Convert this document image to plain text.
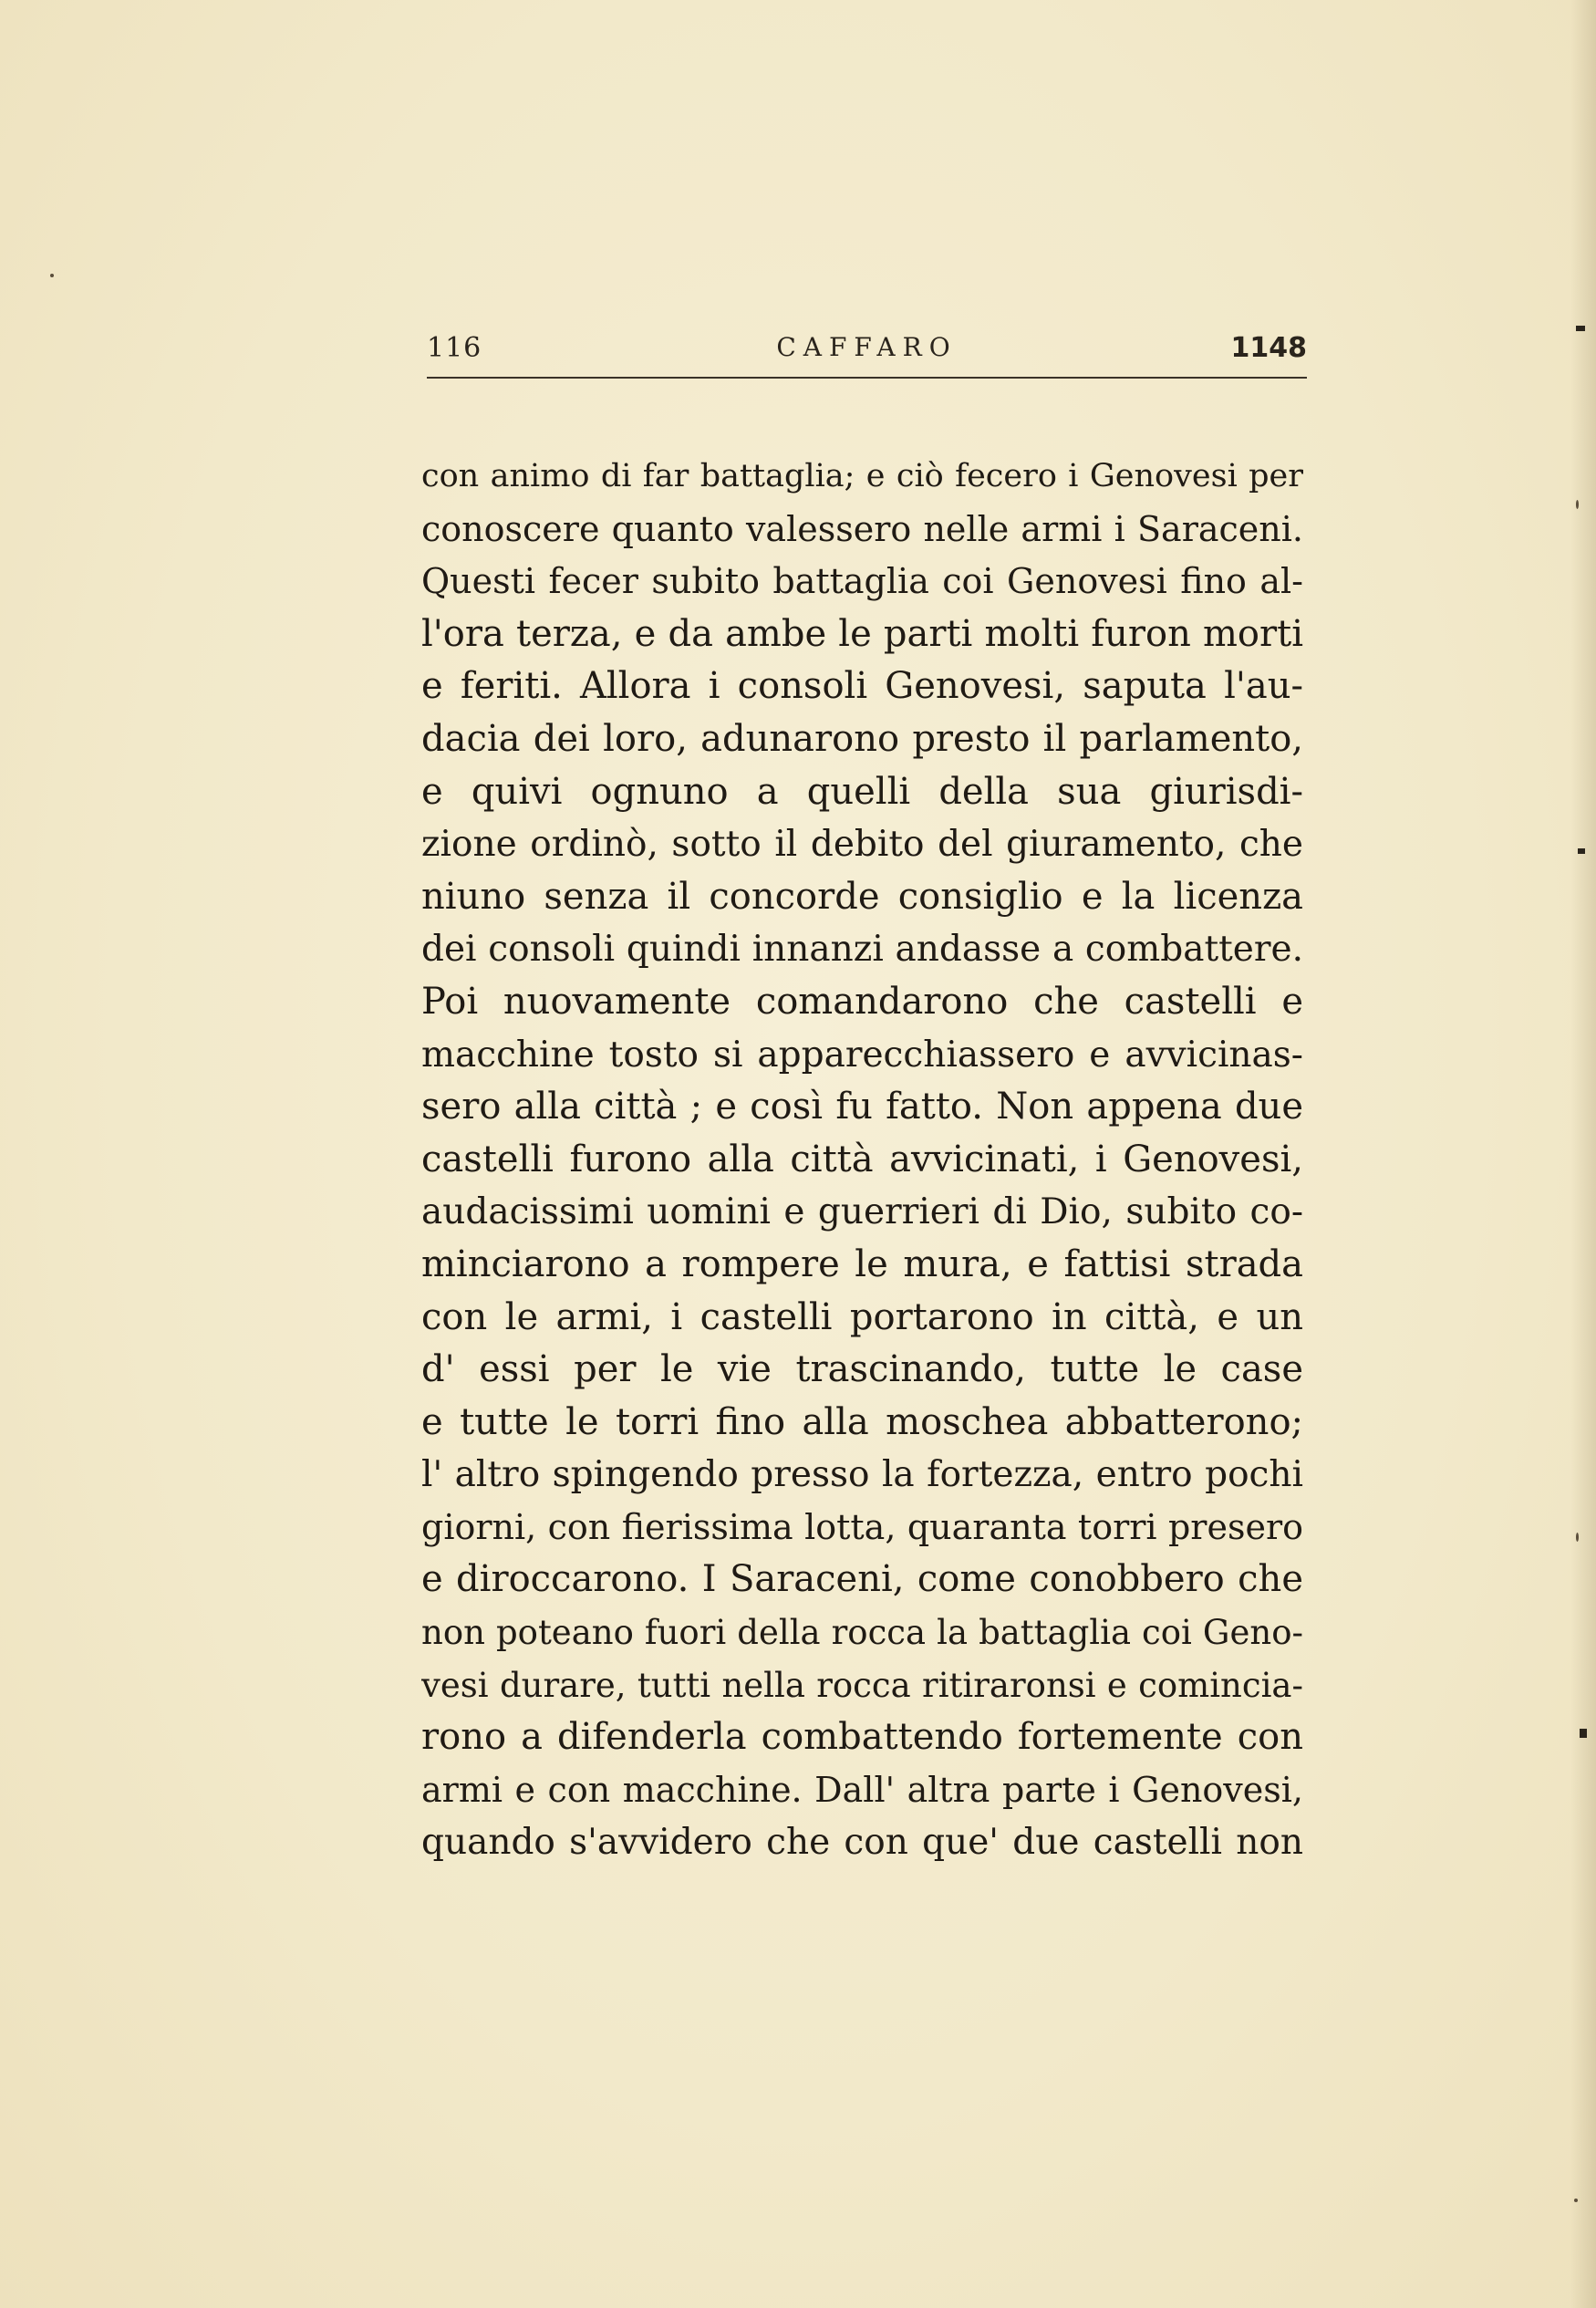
116	CAFFARO	1148
con animo di far battaglia; e ciò fecero i Genovesi per
conoscere quanto valessero nelle armi i Saraceni.
Questi fecer subito battaglia coi Genovesi fino al-
l'ora terza, e da ambe le parti molti furon morti
e feriti. Allora i consoli Genovesi, saputa l'au-
dacia dei loro, adunarono presto il parlamento,
e quivi ognuno a quelli della sua giurisdi-
zione ordinò, sotto il debito del giuramento, che
niuno senza il concorde consiglio e la licenza
dei consoli quindi innanzi andasse a combattere.
Poi nuovamente comandarono che castelli e
macchine tosto si apparecchiassero e avvicinas-
sero alla città ; e così fu fatto. Non appena due
castelli furono alla città avvicinati, i Genovesi,
audacissimi uomini e guerrieri di Dio, subito co-
minciarono a rompere le mura, e fattisi strada
con le armi, i castelli portarono in città, e un
d' essi per le vie trascinando, tutte le case
e tutte le torri fino alla moschea abbatterono;
l' altro spingendo presso la fortezza, entro pochi
giorni, con fierissima lotta, quaranta torri presero
e diroccarono. I Saraceni, come conobbero che
non poteano fuori della rocca la battaglia coi Geno-
vesi durare, tutti nella rocca ritiraronsi e comincia-
rono a difenderla combattendo fortemente con
armi e con macchine. Dall' altra parte i Genovesi,
quando s'avvidero che con que' due castelli non
